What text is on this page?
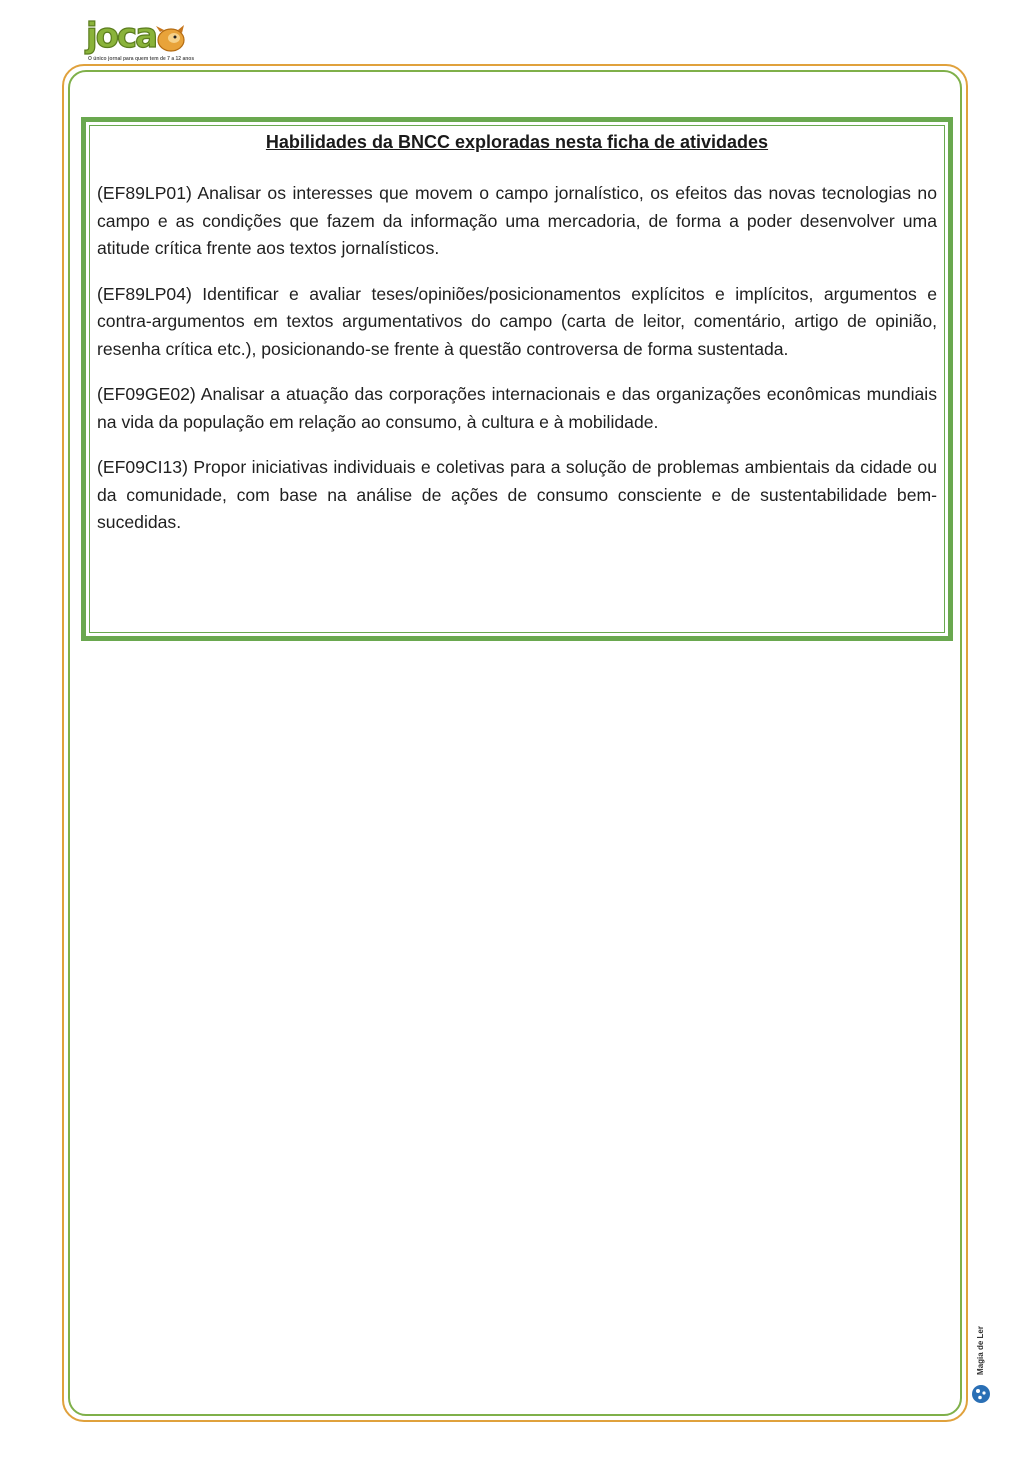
joca
O único jornal para quem tem de 7 a 12 anos
Habilidades da BNCC exploradas nesta ficha de atividades

(EF89LP01) Analisar os interesses que movem o campo jornalístico, os efeitos das novas tecnologias no campo e as condições que fazem da informação uma mercadoria, de forma a poder desenvolver uma atitude crítica frente aos textos jornalísticos.

(EF89LP04) Identificar e avaliar teses/opiniões/posicionamentos explícitos e implícitos, argumentos e contra-argumentos em textos argumentativos do campo (carta de leitor, comentário, artigo de opinião, resenha crítica etc.), posicionando-se frente à questão controversa de forma sustentada.

(EF09GE02) Analisar a atuação das corporações internacionais e das organizações econômicas mundiais na vida da população em relação ao consumo, à cultura e à mobilidade.

(EF09CI13) Propor iniciativas individuais e coletivas para a solução de problemas ambientais da cidade ou da comunidade, com base na análise de ações de consumo consciente e de sustentabilidade bem-sucedidas.

Magia de Ler
